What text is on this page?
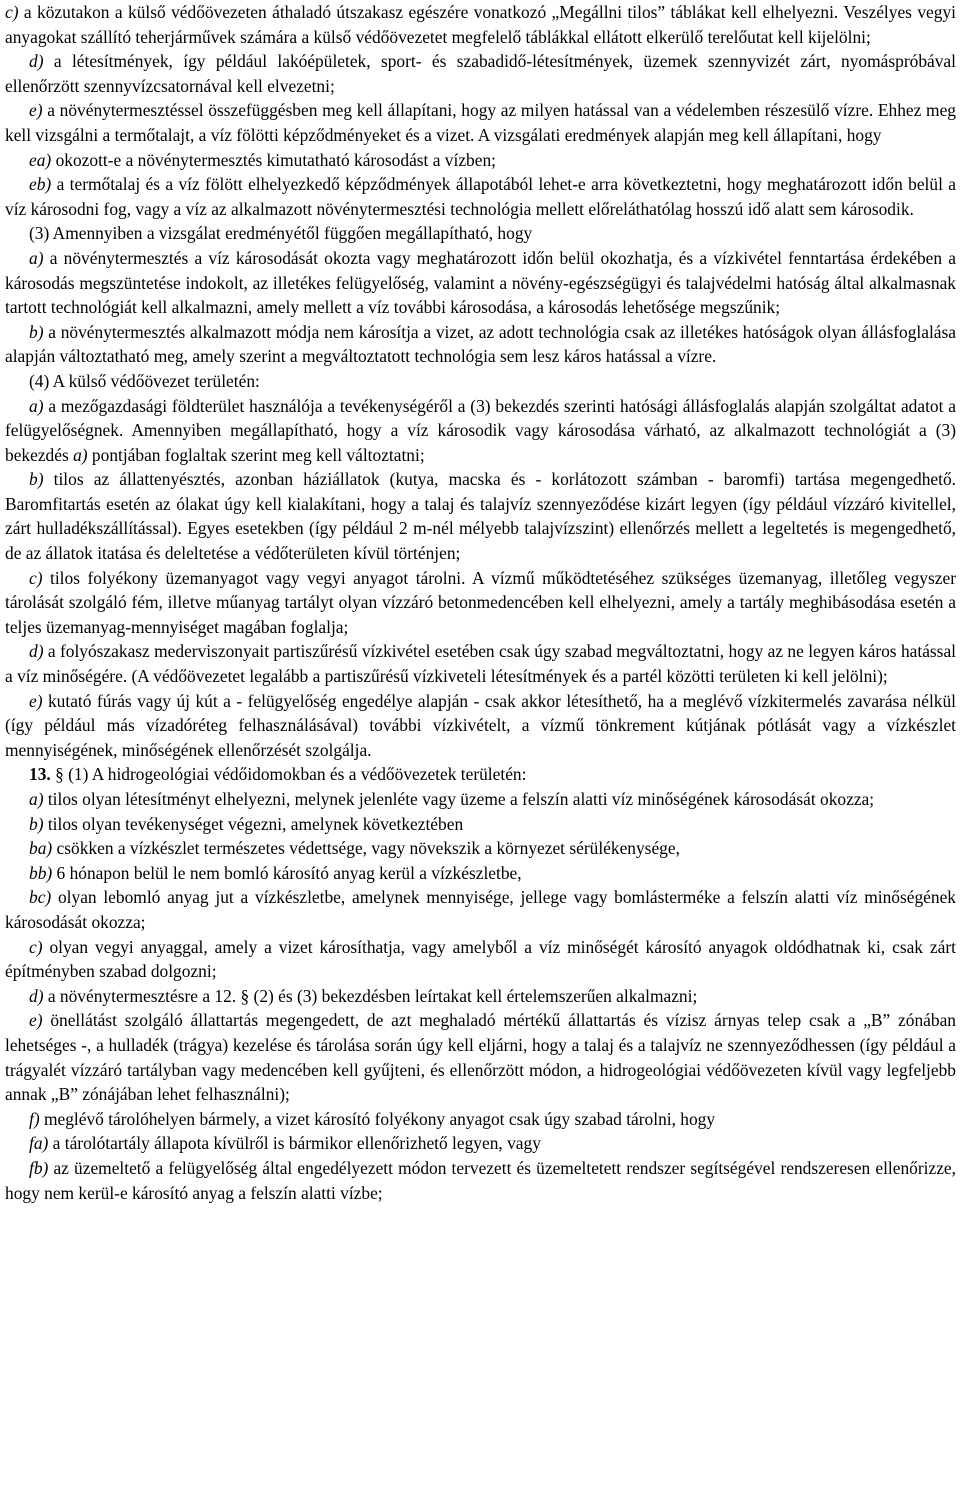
c) a közutakon a külső védőövezeten áthaladó útszakasz egészére vonatkozó „Megállni tilos” táblákat kell elhelyezni. Veszélyes vegyi anyagokat szállító teherjárművek számára a külső védőövezetet megfelelő táblákkal ellátott elkerülő terelőutat kell kijelölni;

d) a létesítmények, így például lakóépületek, sport- és szabadidő-létesítmények, üzemek szennyvizét zárt, nyomáspróbával ellenőrzött szennyvízcsatornával kell elvezetni;

e) a növénytermesztéssel összefüggésben meg kell állapítani, hogy az milyen hatással van a védelemben részesülő vízre. Ehhez meg kell vizsgálni a termőtalajt, a víz fölötti képződményeket és a vizet. A vizsgálati eredmények alapján meg kell állapítani, hogy

ea) okozott-e a növénytermesztés kimutatható károsodást a vízben;

eb) a termőtalaj és a víz fölött elhelyezkedő képződmények állapotából lehet-e arra következtetni, hogy meghatározott időn belül a víz károsodni fog, vagy a víz az alkalmazott növénytermesztési technológia mellett előreláthatólag hosszú idő alatt sem károsodik.

(3) Amennyiben a vizsgálat eredményétől függően megállapítható, hogy

a) a növénytermesztés a víz károsodását okozta vagy meghatározott időn belül okozhatja, és a vízkivétel fenntartása érdekében a károsodás megszüntetése indokolt, az illetékes felügyelőség, valamint a növény-egészségügyi és talajvédelmi hatóság által alkalmasnak tartott technológiát kell alkalmazni, amely mellett a víz további károsodása, a károsodás lehetősége megszűnik;

b) a növénytermesztés alkalmazott módja nem károsítja a vizet, az adott technológia csak az illetékes hatóságok olyan állásfoglalása alapján változtatható meg, amely szerint a megváltoztatott technológia sem lesz káros hatással a vízre.

(4) A külső védőövezet területén:

a) a mezőgazdasági földterület használója a tevékenységéről a (3) bekezdés szerinti hatósági állásfoglalás alapján szolgáltat adatot a felügyelőségnek. Amennyiben megállapítható, hogy a víz károsodik vagy károsodása várható, az alkalmazott technológiát a (3) bekezdés a) pontjában foglaltak szerint meg kell változtatni;

b) tilos az állattenyésztés, azonban háziállatok (kutya, macska és - korlátozott számban - baromfi) tartása megengedhető. Baromfitartás esetén az ólakat úgy kell kialakítani, hogy a talaj és talajvíz szennyeződése kizárt legyen (így például vízzáró kivitellel, zárt hulladékszállítással). Egyes esetekben (így például 2 m-nél mélyebb talajvízszint) ellenőrzés mellett a legeltetés is megengedhető, de az állatok itatása és deleltetése a védőterületen kívül történjen;

c) tilos folyékony üzemanyagot vagy vegyi anyagot tárolni. A vízmű működtetéséhez szükséges üzemanyag, illetőleg vegyszer tárolását szolgáló fém, illetve műanyag tartályt olyan vízzáró betonmedencében kell elhelyezni, amely a tartály meghibásodása esetén a teljes üzemanyag-mennyiséget magában foglalja;

d) a folyószakasz mederviszonyait partiszűrésű vízkivétel esetében csak úgy szabad megváltoztatni, hogy az ne legyen káros hatással a víz minőségére. (A védőövezetet legalább a partiszűrésű vízkiveteli létesítmények és a partél közötti területen ki kell jelölni);

e) kutató fúrás vagy új kút a - felügyelőség engedélye alapján - csak akkor létesíthető, ha a meglévő vízkitermelés zavarása nélkül (így például más vízadóréteg felhasználásával) további vízkivételt, a vízmű tönkrement kútjának pótlását vagy a vízkészlet mennyiségének, minőségének ellenőrzését szolgálja.

13. § (1) A hidrogeológiai védőidomokban és a védőövezetek területén:

a) tilos olyan létesítményt elhelyezni, melynek jelenléte vagy üzeme a felszín alatti víz minőségének károsodását okozza;

b) tilos olyan tevékenységet végezni, amelynek következtében

ba) csökken a vízkészlet természetes védettsége, vagy növekszik a környezet sérülékenysége,

bb) 6 hónapon belül le nem bomló károsító anyag kerül a vízkészletbe,

bc) olyan lebomló anyag jut a vízkészletbe, amelynek mennyisége, jellege vagy bomlásterméke a felszín alatti víz minőségének károsodását okozza;

c) olyan vegyi anyaggal, amely a vizet károsíthatja, vagy amelyből a víz minőségét károsító anyagok oldódhatnak ki, csak zárt építményben szabad dolgozni;

d) a növénytermesztésre a 12. § (2) és (3) bekezdésben leírtakat kell értelemszerűen alkalmazni;

e) önellátást szolgáló állattartás megengedett, de azt meghaladó mértékű állattartás és vízisz árnyas telep csak a „B” zónában lehetséges -, a hulladék (trágya) kezelése és tárolása során úgy kell eljárni, hogy a talaj és a talajvíz ne szennyeződhessen (így például a trágyalét vízzáró tartályban vagy medencében kell gyűjteni, és ellenőrzött módon, a hidrogeológiai védőövezeten kívül vagy legfeljebb annak „B” zónájában lehet felhasználni);

f) meglévő tárolóhelyen bármely, a vizet károsító folyékony anyagot csak úgy szabad tárolni, hogy

fa) a tárolótartály állapota kívülről is bármikor ellenőrizhető legyen, vagy

fb) az üzemeltető a felügyelőség által engedélyezett módon tervezett és üzemeltetett rendszer segítségével rendszeresen ellenőrizze, hogy nem kerül-e károsító anyag a felszín alatti vízbe;
